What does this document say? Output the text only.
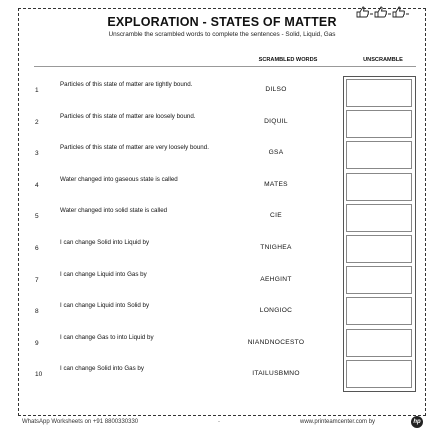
EXPLORATION - STATES OF MATTER
Unscramble the scrambled words to complete the sentences - Solid, Liquid, Gas
SCRAMBLED WORDS	UNSCRAMBLE
1
Particles of this state of matter are tightly bound.
DILSO
2
Particles of this state of matter are loosely bound.
DIQUIL
3
Particles of this state of matter are very loosely bound.
GSA
4
Water changed into gaseous state is called
MATES
5
Water changed into solid state is called
CIE
6
I can change Solid into Liquid by
TNIGHEA
7
I can change Liquid into Gas by
AEHGINT
8
I can change Liquid into Solid by
LONGIOC
9
I can change Gas to into Liquid by
NIANDNOCESTO
10
I can change Solid into Gas by
ITAILUSBMNO
WhatsApp Worksheets on +91 8800330330	-	www.printeamcenter.com by	hp
